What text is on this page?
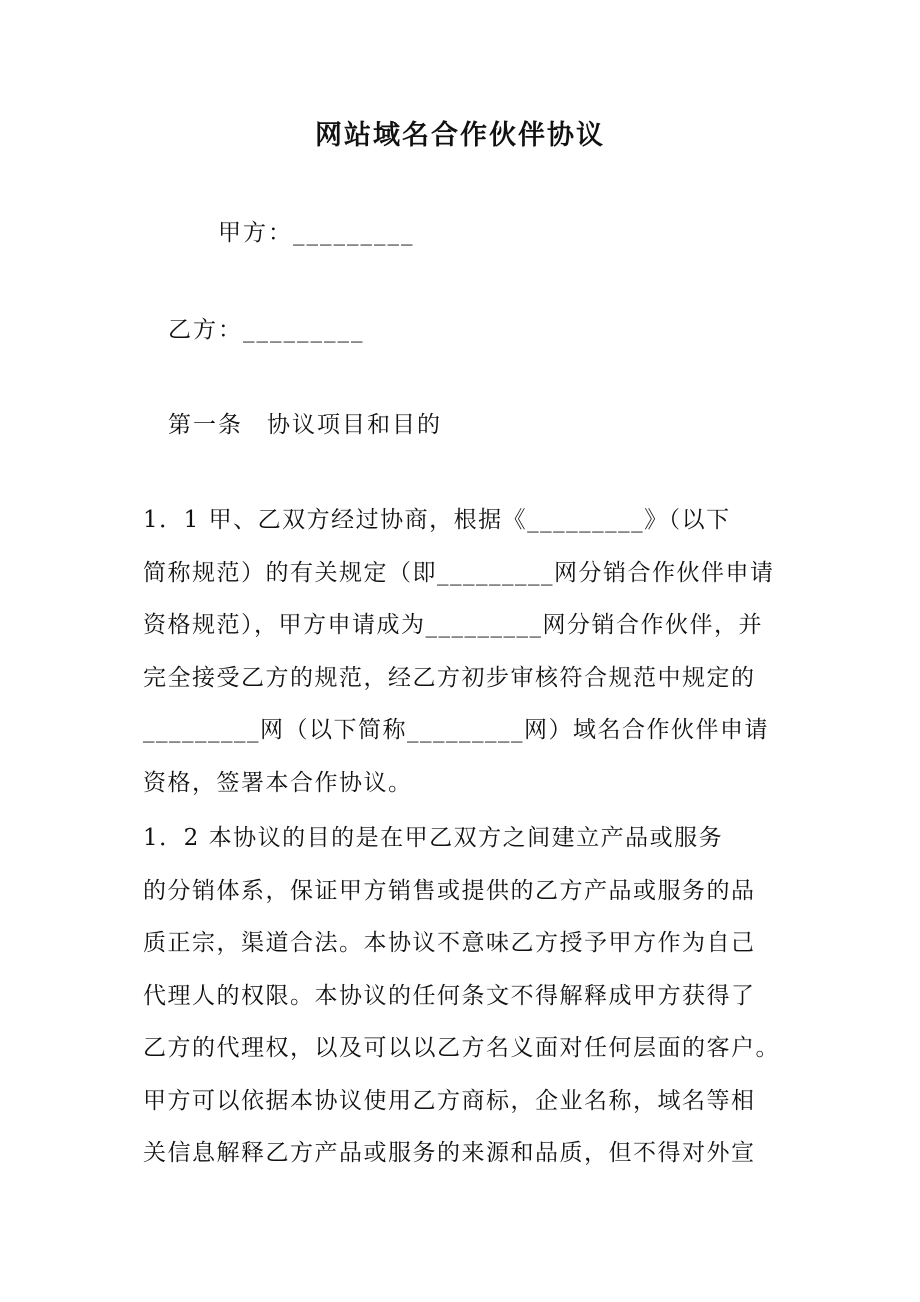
网站域名合作伙伴协议
甲方：_________
乙方：_________
第一条 协议项目和目的
1．1 甲、乙双方经过协商，根据《_________》（以下
简称规范）的有关规定（即_________网分销合作伙伴申请
资格规范），甲方申请成为_________网分销合作伙伴，并
完全接受乙方的规范，经乙方初步审核符合规范中规定的
_________网（以下简称_________网）域名合作伙伴申请
资格，签署本合作协议。
1．2 本协议的目的是在甲乙双方之间建立产品或服务
的分销体系，保证甲方销售或提供的乙方产品或服务的品
质正宗，渠道合法。本协议不意味乙方授予甲方作为自己
代理人的权限。本协议的任何条文不得解释成甲方获得了
乙方的代理权，以及可以以乙方名义面对任何层面的客户。
甲方可以依据本协议使用乙方商标，企业名称，域名等相
关信息解释乙方产品或服务的来源和品质，但不得对外宣
